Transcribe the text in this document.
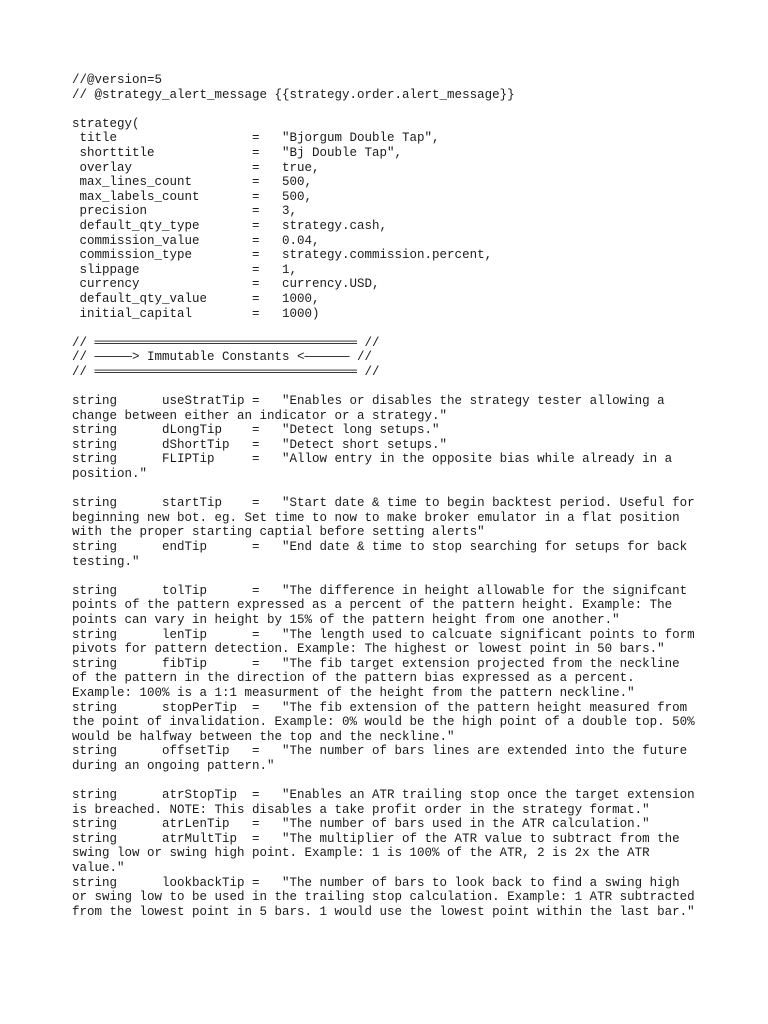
//@version=5
// @strategy_alert_message {{strategy.order.alert_message}}
strategy(
title                  =   "Bjorgum Double Tap",
shorttitle             =   "Bj Double Tap",
overlay                =   true,
max_lines_count        =   500,
max_labels_count       =   500,
precision              =   3,
default_qty_type       =   strategy.cash,
commission_value       =   0.04,
commission_type        =   strategy.commission.percent,
slippage               =   1,
currency               =   currency.USD,
default_qty_value      =   1000,
initial_capital        =   1000)
// ═══════════════════════════════════ //
// —————> Immutable Constants <—————— //
// ═══════════════════════════════════ //
string      useStratTip =   "Enables or disables the strategy tester allowing a
change between either an indicator or a strategy."
string      dLongTip    =   "Detect long setups."
string      dShortTip   =   "Detect short setups."
string      FLIPTip     =   "Allow entry in the opposite bias while already in a
position."
string      startTip    =   "Start date & time to begin backtest period. Useful for
beginning new bot. eg. Set time to now to make broker emulator in a flat position
with the proper starting captial before setting alerts"
string      endTip      =   "End date & time to stop searching for setups for back
testing."
string      tolTip      =   "The difference in height allowable for the signifcant
points of the pattern expressed as a percent of the pattern height. Example: The
points can vary in height by 15% of the pattern height from one another."
string      lenTip      =   "The length used to calcuate significant points to form
pivots for pattern detection. Example: The highest or lowest point in 50 bars."
string      fibTip      =   "The fib target extension projected from the neckline
of the pattern in the direction of the pattern bias expressed as a percent.
Example: 100% is a 1:1 measurment of the height from the pattern neckline."
string      stopPerTip  =   "The fib extension of the pattern height measured from
the point of invalidation. Example: 0% would be the high point of a double top. 50%
would be halfway between the top and the neckline."
string      offsetTip   =   "The number of bars lines are extended into the future
during an ongoing pattern."
string      atrStopTip  =   "Enables an ATR trailing stop once the target extension
is breached. NOTE: This disables a take profit order in the strategy format."
string      atrLenTip   =   "The number of bars used in the ATR calculation."
string      atrMultTip  =   "The multiplier of the ATR value to subtract from the
swing low or swing high point. Example: 1 is 100% of the ATR, 2 is 2x the ATR
value."
string      lookbackTip =   "The number of bars to look back to find a swing high
or swing low to be used in the trailing stop calculation. Example: 1 ATR subtracted
from the lowest point in 5 bars. 1 would use the lowest point within the last bar."
